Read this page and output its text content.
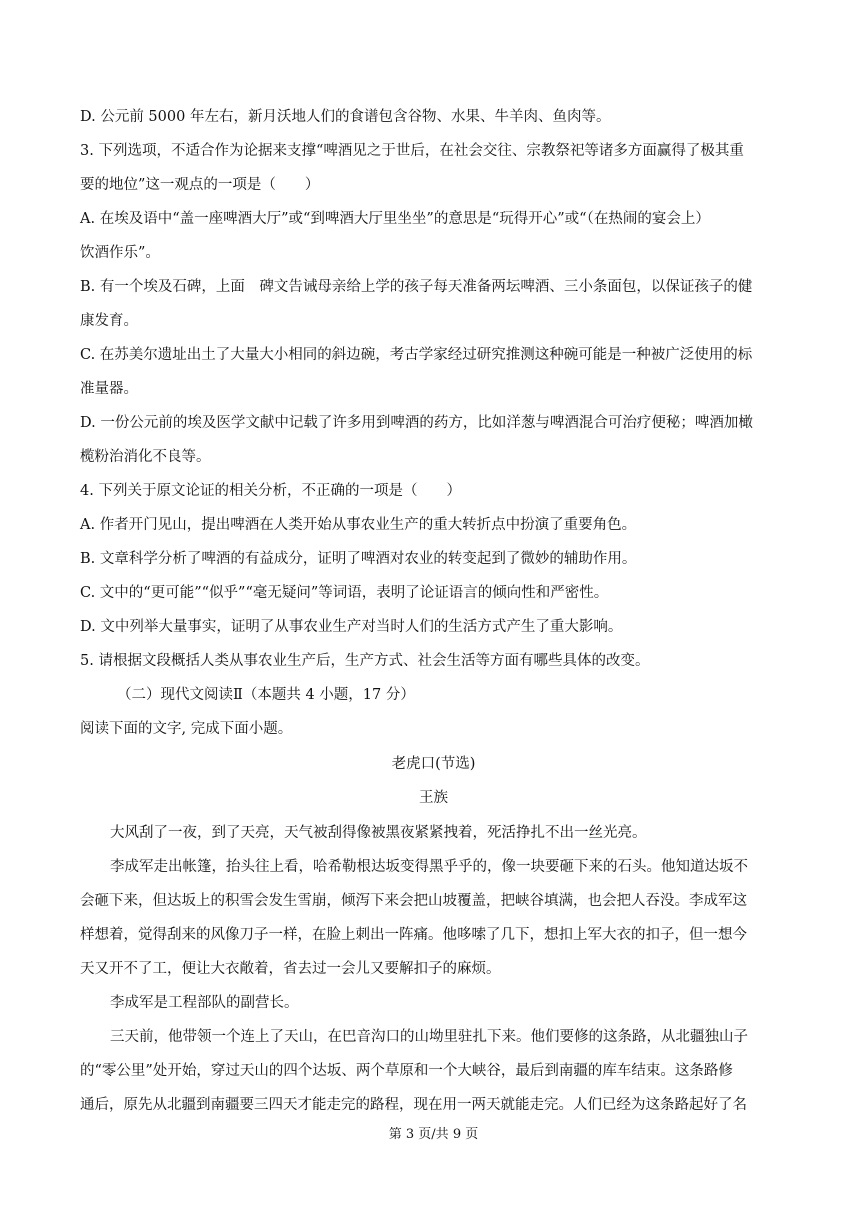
D. 公元前 5000 年左右，新月沃地人们的食谱包含谷物、水果、牛羊肉、鱼肉等。
3. 下列选项，不适合作为论据来支撑“啤酒见之于世后，在社会交往、宗教祭祀等诸多方面赢得了极其重
要的地位”这一观点的一项是（　　）
A. 在埃及语中“盖一座啤酒大厅”或“到啤酒大厅里坐坐”的意思是“玩得开心”或“（在热闹的宴会上）
饮酒作乐”。
B. 有一个埃及石碑，上面　碑文告诫母亲给上学的孩子每天准备两坛啤酒、三小条面包，以保证孩子的健
康发育。
C. 在苏美尔遗址出土了大量大小相同的斜边碗，考古学家经过研究推测这种碗可能是一种被广泛使用的标
准量器。
D. 一份公元前的埃及医学文献中记载了许多用到啤酒的药方，比如洋葱与啤酒混合可治疗便秘；啤酒加橄
榄粉治消化不良等。
4. 下列关于原文论证的相关分析，不正确的一项是（　　）
A. 作者开门见山，提出啤酒在人类开始从事农业生产的重大转折点中扮演了重要角色。
B. 文章科学分析了啤酒的有益成分，证明了啤酒对农业的转变起到了微妙的辅助作用。
C. 文中的“更可能”“似乎”“毫无疑问”等词语，表明了论证语言的倾向性和严密性。
D. 文中列举大量事实，证明了从事农业生产对当时人们的生活方式产生了重大影响。
5. 请根据文段概括人类从事农业生产后，生产方式、社会生活等方面有哪些具体的改变。
（二）现代文阅读Ⅱ（本题共 4 小题，17 分）
阅读下面的文字, 完成下面小题。
老虎口(节选)
王族
大风刮了一夜，到了天亮，天气被刮得像被黑夜紧紧拽着，死活挣扎不出一丝光亮。
李成军走出帐篷，抬头往上看，哈希勒根达坂变得黑乎乎的，像一块要砸下来的石头。他知道达坂不
会砸下来，但达坂上的积雪会发生雪崩，倾泻下来会把山坡覆盖，把峡谷填满，也会把人吞没。李成军这
样想着，觉得刮来的风像刀子一样，在脸上刺出一阵痛。他哆嗦了几下，想扣上军大衣的扣子，但一想今
天又开不了工，便让大衣敞着，省去过一会儿又要解扣子的麻烦。
李成军是工程部队的副营长。
三天前，他带领一个连上了天山，在巴音沟口的山坳里驻扎下来。他们要修的这条路，从北疆独山子
的“零公里”处开始，穿过天山的四个达坂、两个草原和一个大峡谷，最后到南疆的库车结束。这条路修
通后，原先从北疆到南疆要三四天才能走完的路程，现在用一两天就能走完。人们已经为这条路起好了名
第 3 页/共 9 页
